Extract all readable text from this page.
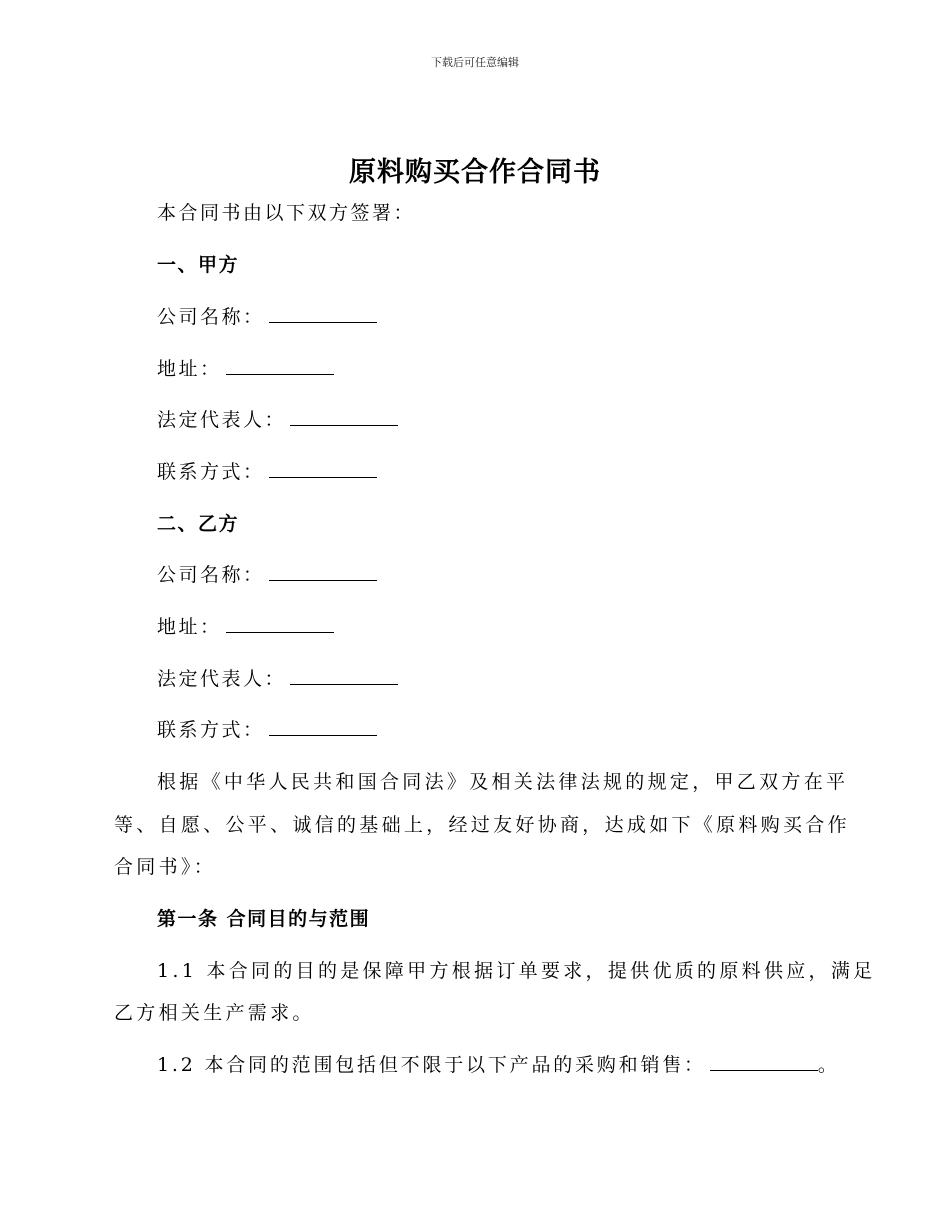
下载后可任意编辑
原料购买合作合同书
本合同书由以下双方签署：
一、甲方
公司名称：
地址：
法定代表人：
联系方式：
二、乙方
公司名称：
地址：
法定代表人：
联系方式：
根据《中华人民共和国合同法》及相关法律法规的规定，甲乙双方在平
等、自愿、公平、诚信的基础上，经过友好协商，达成如下《原料购买合作
合同书》：
第一条 合同目的与范围
1.1 本合同的目的是保障甲方根据订单要求，提供优质的原料供应，满足
乙方相关生产需求。
1.2 本合同的范围包括但不限于以下产品的采购和销售：	。
